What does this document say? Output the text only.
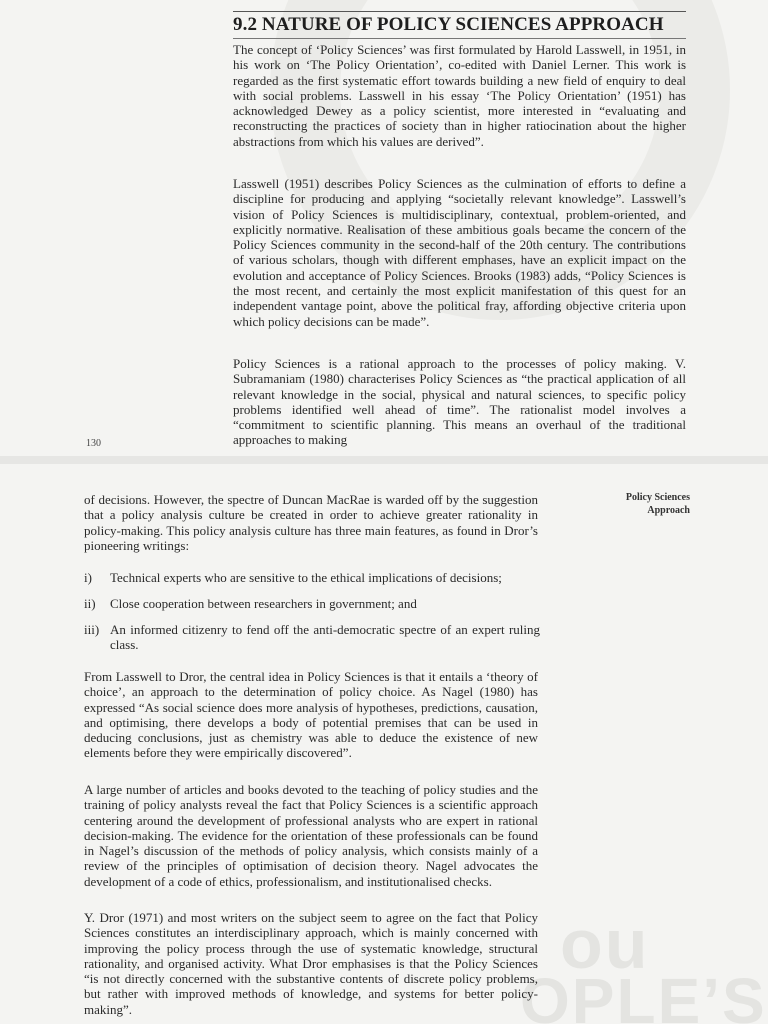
9.2 NATURE OF POLICY SCIENCES APPROACH

The concept of ‘Policy Sciences’ was first formulated by Harold Lasswell, in 1951, in his work on ‘The Policy Orientation’, co-edited with Daniel Lerner. This work is regarded as the first systematic effort towards building a new field of enquiry to deal with social problems. Lasswell in his essay ‘The Policy Orientation’ (1951) has acknowledged Dewey as a policy scientist, more interested in “evaluating and reconstructing the practices of society than in higher ratiocination about the higher abstractions from which his values are derived”.

Lasswell (1951) describes Policy Sciences as the culmination of efforts to define a discipline for producing and applying “societally relevant knowledge”. Lasswell’s vision of Policy Sciences is multidisciplinary, contextual, problem-oriented, and explicitly normative. Realisation of these ambitious goals became the concern of the Policy Sciences community in the second-half of the 20th century. The contributions of various scholars, though with different emphases, have an explicit impact on the evolution and acceptance of Policy Sciences. Brooks (1983) adds, “Policy Sciences is the most recent, and certainly the most explicit manifestation of this quest for an independent vantage point, above the political fray, affording objective criteria upon which policy decisions can be made”.

Policy Sciences is a rational approach to the processes of policy making. V. Subramaniam (1980) characterises Policy Sciences as “the practical application of all relevant knowledge in the social, physical and natural sciences, to specific policy problems identified well ahead of time”. The rationalist model involves a “commitment to scientific planning. This means an overhaul of the traditional approaches to making

130
ou
OPLE’S
Policy Sciences Approach

of decisions. However, the spectre of Duncan MacRae is warded off by the suggestion that a policy analysis culture be created in order to achieve greater rationality in policy-making. This policy analysis culture has three main features, as found in Dror’s pioneering writings:

i)	Technical experts who are sensitive to the ethical implications of decisions;
ii)	Close cooperation between researchers in government; and
iii) An informed citizenry to fend off the anti-democratic spectre of an expert ruling class.

From Lasswell to Dror, the central idea in Policy Sciences is that it entails a ‘theory of choice’, an approach to the determination of policy choice. As Nagel (1980) has expressed “As social science does more analysis of hypotheses, predictions, causation, and optimising, there develops a body of potential premises that can be used in deducing conclusions, just as chemistry was able to deduce the existence of new elements before they were empirically discovered”.

A large number of articles and books devoted to the teaching of policy studies and the training of policy analysts reveal the fact that Policy Sciences is a scientific approach centering around the development of professional analysts who are expert in rational decision-making. The evidence for the orientation of these professionals can be found in Nagel’s discussion of the methods of policy analysis, which consists mainly of a review of the principles of optimisation of decision theory. Nagel advocates the development of a code of ethics, professionalism, and institutionalised checks.

Y. Dror (1971) and most writers on the subject seem to agree on the fact that Policy Sciences constitutes an interdisciplinary approach, which is mainly concerned with improving the policy process through the use of systematic knowledge, structural rationality, and organised activity. What Dror emphasises is that the Policy Sciences “is not directly concerned with the substantive contents of discrete policy problems, but rather with improved methods of knowledge, and systems for better policy-making”.
